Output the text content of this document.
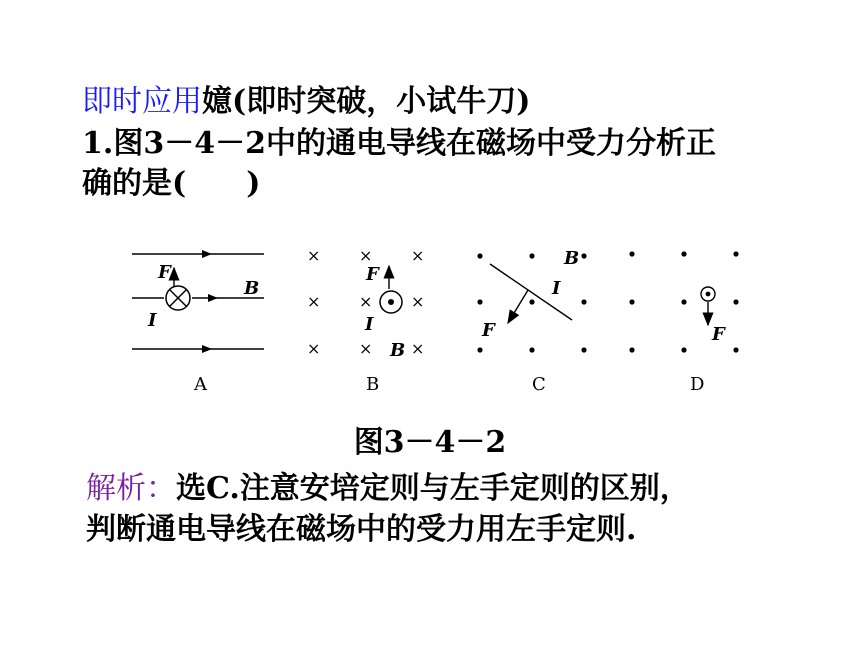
即时应用嬑(即时突破，小试牛刀)
1.图3－4－2中的通电导线在磁场中受力分析正
确的是(　　)
F
I
B
A
× × ×
× × ×
× × ×
F
I
B
B
B
I
F
C
F
D
图3－4－2
解析：选C.注意安培定则与左手定则的区别，
判断通电导线在磁场中的受力用左手定则.
